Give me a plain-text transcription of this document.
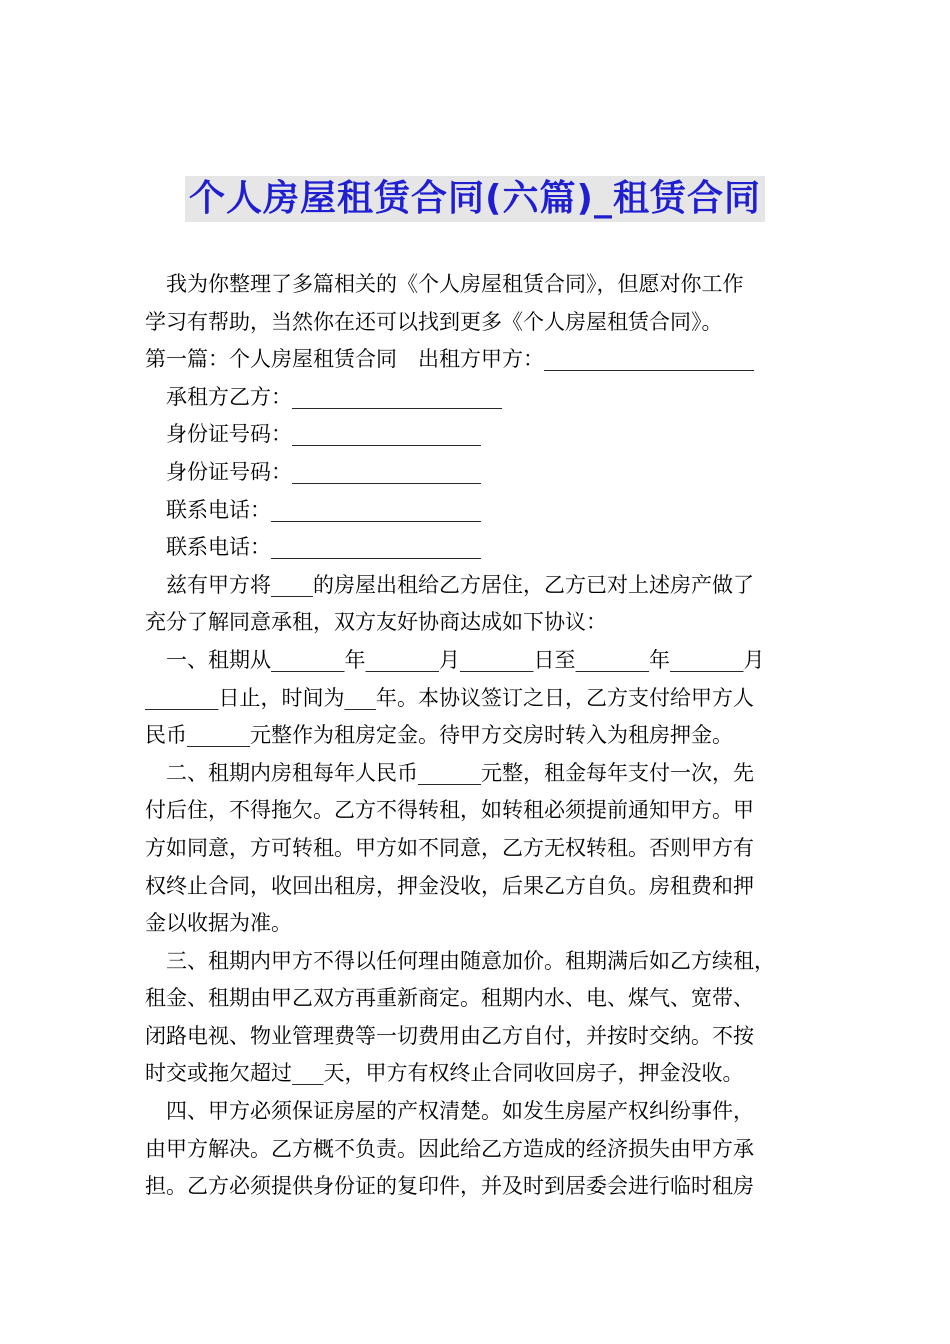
个人房屋租赁合同(六篇)_租赁合同
我为你整理了多篇相关的《个人房屋租赁合同》，但愿对你工作
学习有帮助，当然你在还可以找到更多《个人房屋租赁合同》。
第一篇：个人房屋租赁合同　出租方甲方：____________________
承租方乙方：____________________
身份证号码：__________________
身份证号码：__________________
联系电话：____________________
联系电话：____________________
兹有甲方将____的房屋出租给乙方居住，乙方已对上述房产做了
充分了解同意承租，双方友好协商达成如下协议：
一、租期从_______年_______月_______日至_______年_______月
_______日止，时间为___年。本协议签订之日，乙方支付给甲方人
民币______元整作为租房定金。待甲方交房时转入为租房押金。
二、租期内房租每年人民币______元整，租金每年支付一次，先
付后住，不得拖欠。乙方不得转租，如转租必须提前通知甲方。甲
方如同意，方可转租。甲方如不同意，乙方无权转租。否则甲方有
权终止合同，收回出租房，押金没收，后果乙方自负。房租费和押
金以收据为准。
三、租期内甲方不得以任何理由随意加价。租期满后如乙方续租，
租金、租期由甲乙双方再重新商定。租期内水、电、煤气、宽带、
闭路电视、物业管理费等一切费用由乙方自付，并按时交纳。不按
时交或拖欠超过___天，甲方有权终止合同收回房子，押金没收。
四、甲方必须保证房屋的产权清楚。如发生房屋产权纠纷事件，
由甲方解决。乙方概不负责。因此给乙方造成的经济损失由甲方承
担。乙方必须提供身份证的复印件，并及时到居委会进行临时租房
